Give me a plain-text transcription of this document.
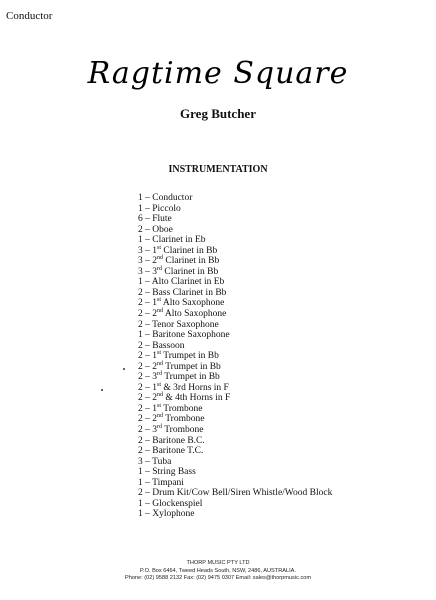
Conductor
Ragtime Square
Greg Butcher
INSTRUMENTATION
1 – Conductor
1 – Piccolo
6 – Flute
2 – Oboe
1 – Clarinet in Eb
3 – 1st Clarinet in Bb
3 – 2nd Clarinet in Bb
3 – 3rd Clarinet in Bb
1 – Alto Clarinet in Eb
2 – Bass Clarinet in Bb
2 – 1st Alto Saxophone
2 – 2nd Alto Saxophone
2 – Tenor Saxophone
1 – Baritone Saxophone
2 – Bassoon
2 – 1st Trumpet in Bb
2 – 2nd Trumpet in Bb
2 – 3rd Trumpet in Bb
2 – 1st & 3rd Horns in F
2 – 2nd & 4th Horns in F
2 – 1st Trombone
2 – 2nd Trombone
2 – 3rd Trombone
2 – Baritone B.C.
2 – Baritone T.C.
3 – Tuba
1 – String Bass
1 – Timpani
2 – Drum Kit/Cow Bell/Siren Whistle/Wood Block
1 – Glockenspiel
1 – Xylophone
THORP MUSIC PTY LTD
P.O. Box 6464, Tweed Heads South, NSW, 2486, AUSTRALIA.
Phone: (02) 9588 2132 Fax: (02) 9475 0307 Email: sales@thorpmusic.com
